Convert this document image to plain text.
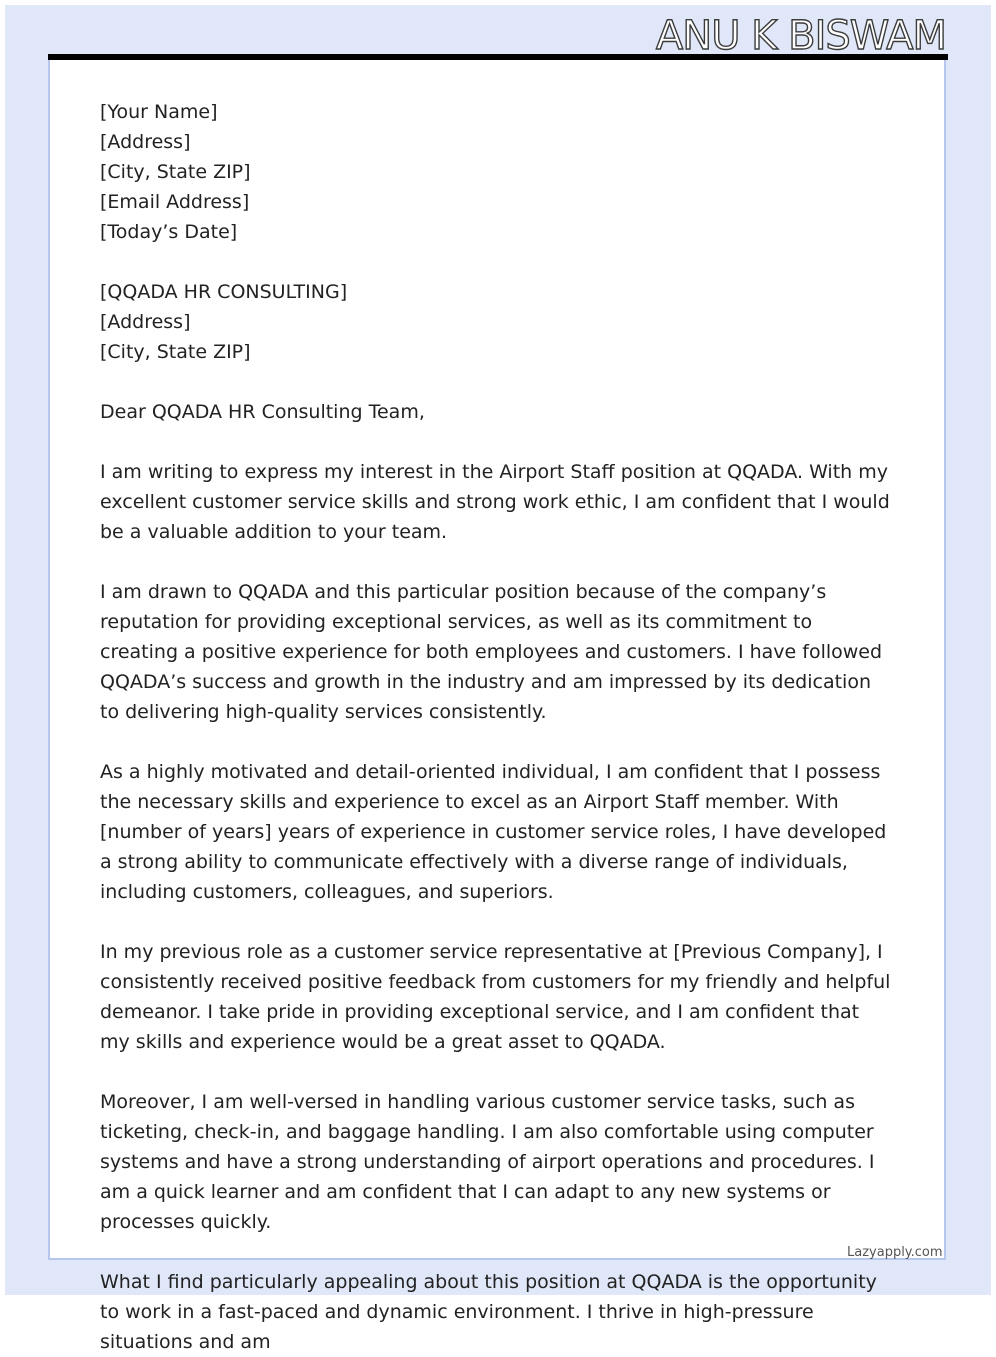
ANU K BISWAM

[Your Name]

[Address]

[City, State ZIP]

[Email Address]

[Today’s Date]

[QQADA HR CONSULTING]

[Address]

[City, State ZIP]

Dear QQADA HR Consulting Team,

I am writing to express my interest in the Airport Staff position at QQADA. With my excellent customer service skills and strong work ethic, I am confident that I would be a valuable addition to your team.

I am drawn to QQADA and this particular position because of the company’s reputation for providing exceptional services, as well as its commitment to creating a positive experience for both employees and customers. I have followed QQADA’s success and growth in the industry and am impressed by its dedication to delivering high-quality services consistently.

As a highly motivated and detail-oriented individual, I am confident that I possess the necessary skills and experience to excel as an Airport Staff member. With [number of years] years of experience in customer service roles, I have developed a strong ability to communicate effectively with a diverse range of individuals, including customers, colleagues, and superiors.

In my previous role as a customer service representative at [Previous Company], I consistently received positive feedback from customers for my friendly and helpful demeanor. I take pride in providing exceptional service, and I am confident that my skills and experience would be a great asset to QQADA.

Moreover, I am well-versed in handling various customer service tasks, such as ticketing, check-in, and baggage handling. I am also comfortable using computer systems and have a strong understanding of airport operations and procedures. I am a quick learner and am confident that I can adapt to any new systems or processes quickly.

What I find particularly appealing about this position at QQADA is the opportunity to work in a fast-paced and dynamic environment. I thrive in high-pressure situations and am

Lazyapply.com
